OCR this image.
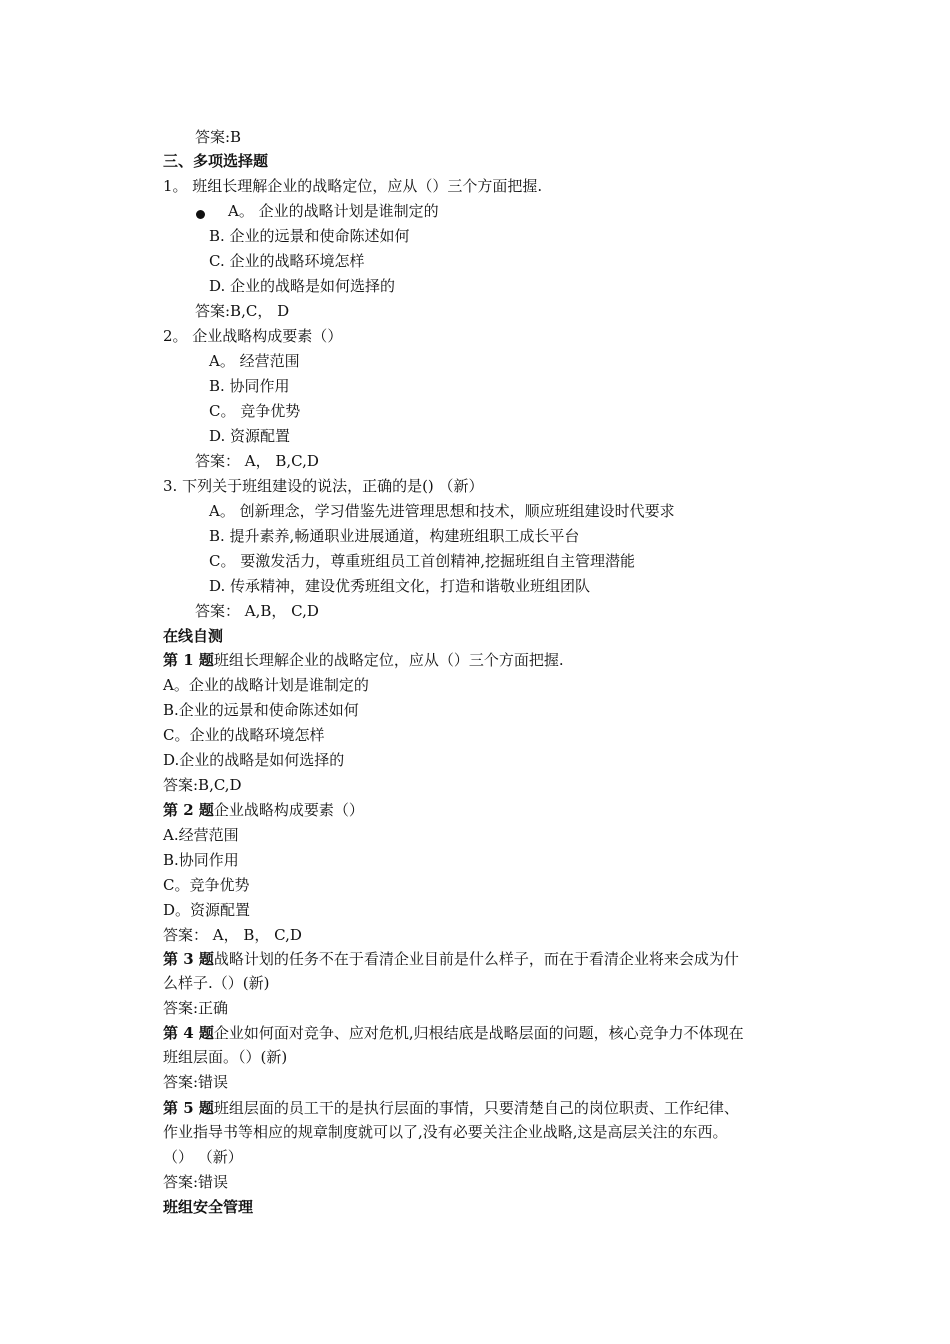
答案:B
三、多项选择题
1。 班组长理解企业的战略定位，应从（）三个方面把握.
A。 企业的战略计划是谁制定的
B. 企业的远景和使命陈述如何
C. 企业的战略环境怎样
D. 企业的战略是如何选择的
答案:B,C， D
2。 企业战略构成要素（）
A。 经营范围
B. 协同作用
C。 竞争优势
D. 资源配置
答案： A， B,C,D
3. 下列关于班组建设的说法，正确的是() （新）
A。 创新理念，学习借鉴先进管理思想和技术，顺应班组建设时代要求
B. 提升素养,畅通职业进展通道，构建班组职工成长平台
C。 要激发活力，尊重班组员工首创精神,挖掘班组自主管理潜能
D. 传承精神，建设优秀班组文化，打造和谐敬业班组团队
答案： A,B， C,D
在线自测
第 1 题班组长理解企业的战略定位，应从（）三个方面把握.
A。企业的战略计划是谁制定的
B.企业的远景和使命陈述如何
C。企业的战略环境怎样
D.企业的战略是如何选择的
答案:B,C,D
第 2 题企业战略构成要素（）
A.经营范围
B.协同作用
C。竞争优势
D。资源配置
答案： A， B， C,D
第 3 题战略计划的任务不在于看清企业目前是什么样子，而在于看清企业将来会成为什
么样子.（）(新)
答案:正确
第 4 题企业如何面对竞争、应对危机,归根结底是战略层面的问题，核心竞争力不体现在
班组层面。（）(新)
答案:错误
第 5 题班组层面的员工干的是执行层面的事情，只要清楚自己的岗位职责、工作纪律、
作业指导书等相应的规章制度就可以了,没有必要关注企业战略,这是高层关注的东西。
（） （新）
答案:错误
班组安全管理
